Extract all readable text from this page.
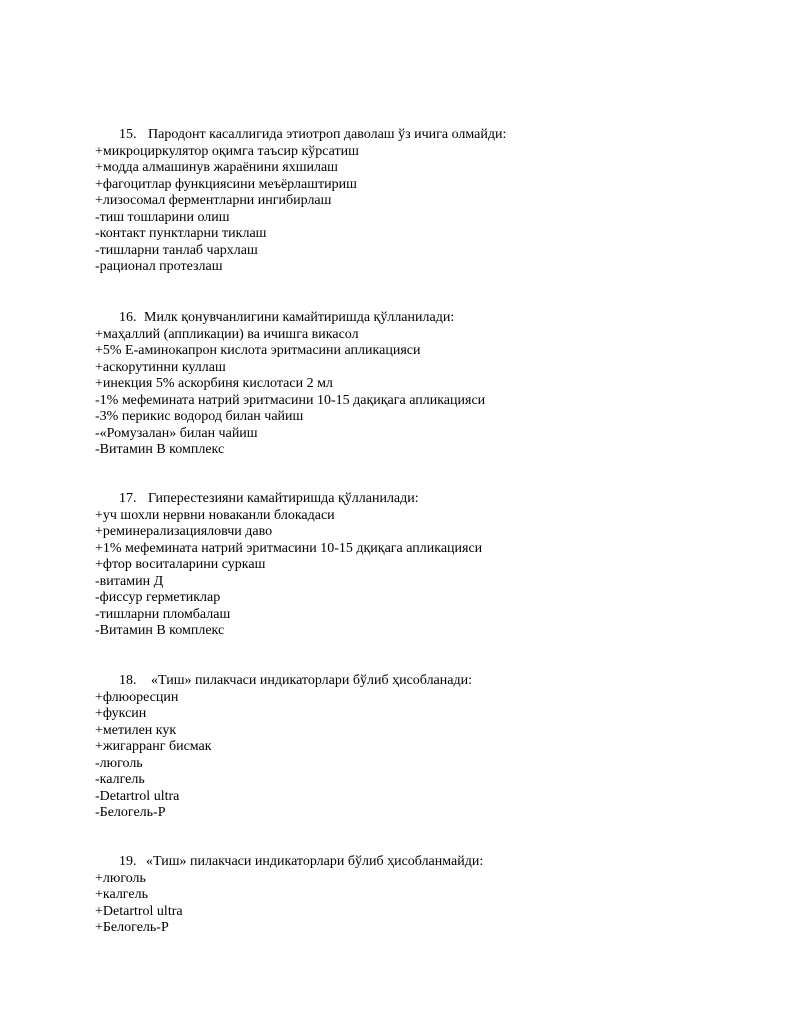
15. Пародонт касаллигида этиотроп даволаш ўз ичига олмайди:
+микроциркулятор оқимга таъсир кўрсатиш
+модда алмашинув жараёнини яхшилаш
+фагоцитлар функциясини меъёрлаштириш
+лизосомал ферментларни ингибирлаш
-тиш тошларини олиш
-контакт пунктларни тиклаш
-тишларни танлаб чархлаш
-рационал протезлаш
16. Милк қонувчанлигини камайтиришда қўлланилади:
+маҳаллий (аппликации) ва ичишга викасол
+5% Е-аминокапрон кислота эритмасини апликацияси
+аскорутинни куллаш
+инекция 5% аскорбиня кислотаси 2 мл
-1% мефемината натрий эритмасини 10-15 дақиқага апликацияси
-3% перикис водород билан чайиш
-«Ромузалан» билан чайиш
-Витамин В комплекс
17. Гиперестезияни камайтиришда қўлланилади:
+уч шохли нервни новаканли блокадаси
+реминерализацияловчи даво
+1% мефемината натрий эритмасини 10-15 дқиқага апликацияси
+фтор воситаларини суркаш
-витамин Д
-фиссур герметиклар
-тишларни пломбалаш
-Витамин В комплекс
18.	«Тиш» пилакчаси индикаторлари бўлиб ҳисобланади:
+флюоресцин
+фуксин
+метилен кук
+жигарранг бисмак
-люголь
-калгель
-Detartrol ultra
-Белогель-Р
19. «Тиш» пилакчаси индикаторлари бўлиб ҳисобланмайди:
+люголь
+калгель
+Detartrol ultra
+Белогель-Р
